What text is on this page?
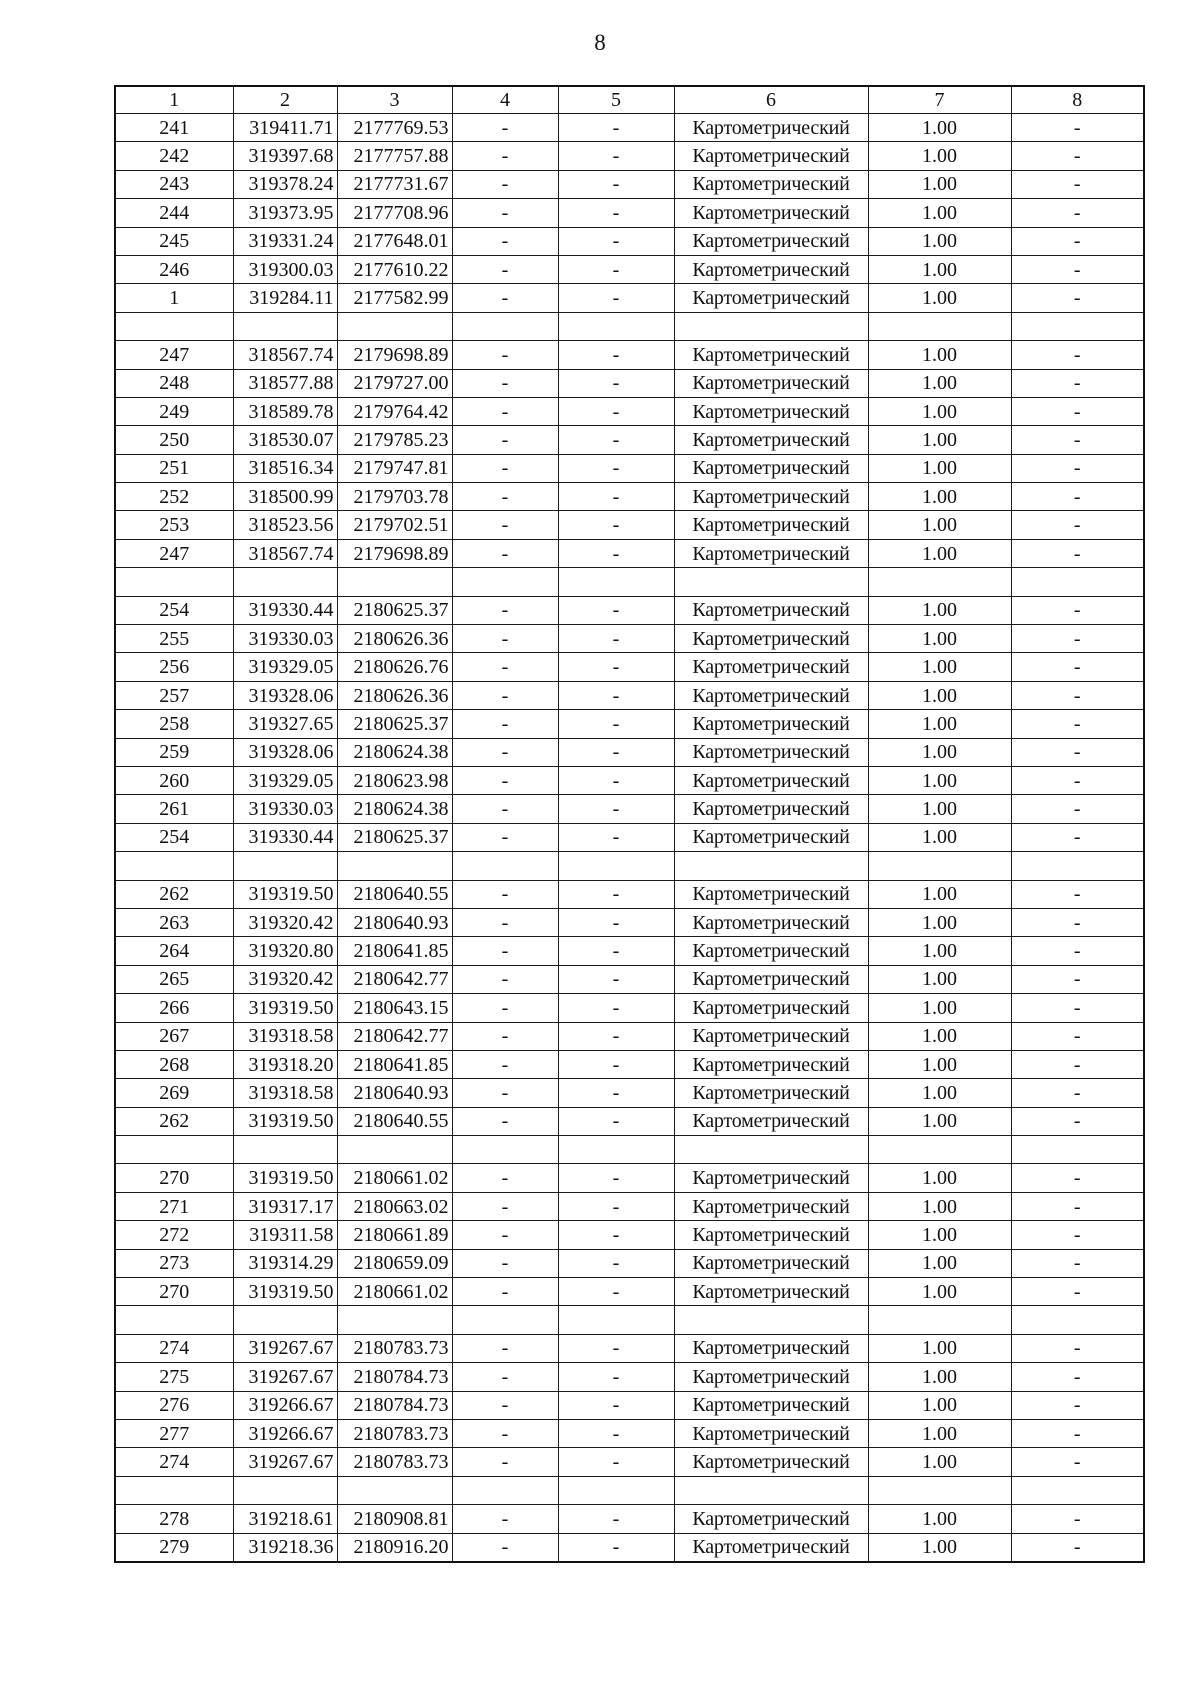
8
1	2	3	4	5	6	7	8
241	319411.71	2177769.53	-	-	Картометрический	1.00	-
242	319397.68	2177757.88	-	-	Картометрический	1.00	-
243	319378.24	2177731.67	-	-	Картометрический	1.00	-
244	319373.95	2177708.96	-	-	Картометрический	1.00	-
245	319331.24	2177648.01	-	-	Картометрический	1.00	-
246	319300.03	2177610.22	-	-	Картометрический	1.00	-
1	319284.11	2177582.99	-	-	Картометрический	1.00	-

247	318567.74	2179698.89	-	-	Картометрический	1.00	-
248	318577.88	2179727.00	-	-	Картометрический	1.00	-
249	318589.78	2179764.42	-	-	Картометрический	1.00	-
250	318530.07	2179785.23	-	-	Картометрический	1.00	-
251	318516.34	2179747.81	-	-	Картометрический	1.00	-
252	318500.99	2179703.78	-	-	Картометрический	1.00	-
253	318523.56	2179702.51	-	-	Картометрический	1.00	-
247	318567.74	2179698.89	-	-	Картометрический	1.00	-

254	319330.44	2180625.37	-	-	Картометрический	1.00	-
255	319330.03	2180626.36	-	-	Картометрический	1.00	-
256	319329.05	2180626.76	-	-	Картометрический	1.00	-
257	319328.06	2180626.36	-	-	Картометрический	1.00	-
258	319327.65	2180625.37	-	-	Картометрический	1.00	-
259	319328.06	2180624.38	-	-	Картометрический	1.00	-
260	319329.05	2180623.98	-	-	Картометрический	1.00	-
261	319330.03	2180624.38	-	-	Картометрический	1.00	-
254	319330.44	2180625.37	-	-	Картометрический	1.00	-

262	319319.50	2180640.55	-	-	Картометрический	1.00	-
263	319320.42	2180640.93	-	-	Картометрический	1.00	-
264	319320.80	2180641.85	-	-	Картометрический	1.00	-
265	319320.42	2180642.77	-	-	Картометрический	1.00	-
266	319319.50	2180643.15	-	-	Картометрический	1.00	-
267	319318.58	2180642.77	-	-	Картометрический	1.00	-
268	319318.20	2180641.85	-	-	Картометрический	1.00	-
269	319318.58	2180640.93	-	-	Картометрический	1.00	-
262	319319.50	2180640.55	-	-	Картометрический	1.00	-

270	319319.50	2180661.02	-	-	Картометрический	1.00	-
271	319317.17	2180663.02	-	-	Картометрический	1.00	-
272	319311.58	2180661.89	-	-	Картометрический	1.00	-
273	319314.29	2180659.09	-	-	Картометрический	1.00	-
270	319319.50	2180661.02	-	-	Картометрический	1.00	-

274	319267.67	2180783.73	-	-	Картометрический	1.00	-
275	319267.67	2180784.73	-	-	Картометрический	1.00	-
276	319266.67	2180784.73	-	-	Картометрический	1.00	-
277	319266.67	2180783.73	-	-	Картометрический	1.00	-
274	319267.67	2180783.73	-	-	Картометрический	1.00	-

278	319218.61	2180908.81	-	-	Картометрический	1.00	-
279	319218.36	2180916.20	-	-	Картометрический	1.00	-
